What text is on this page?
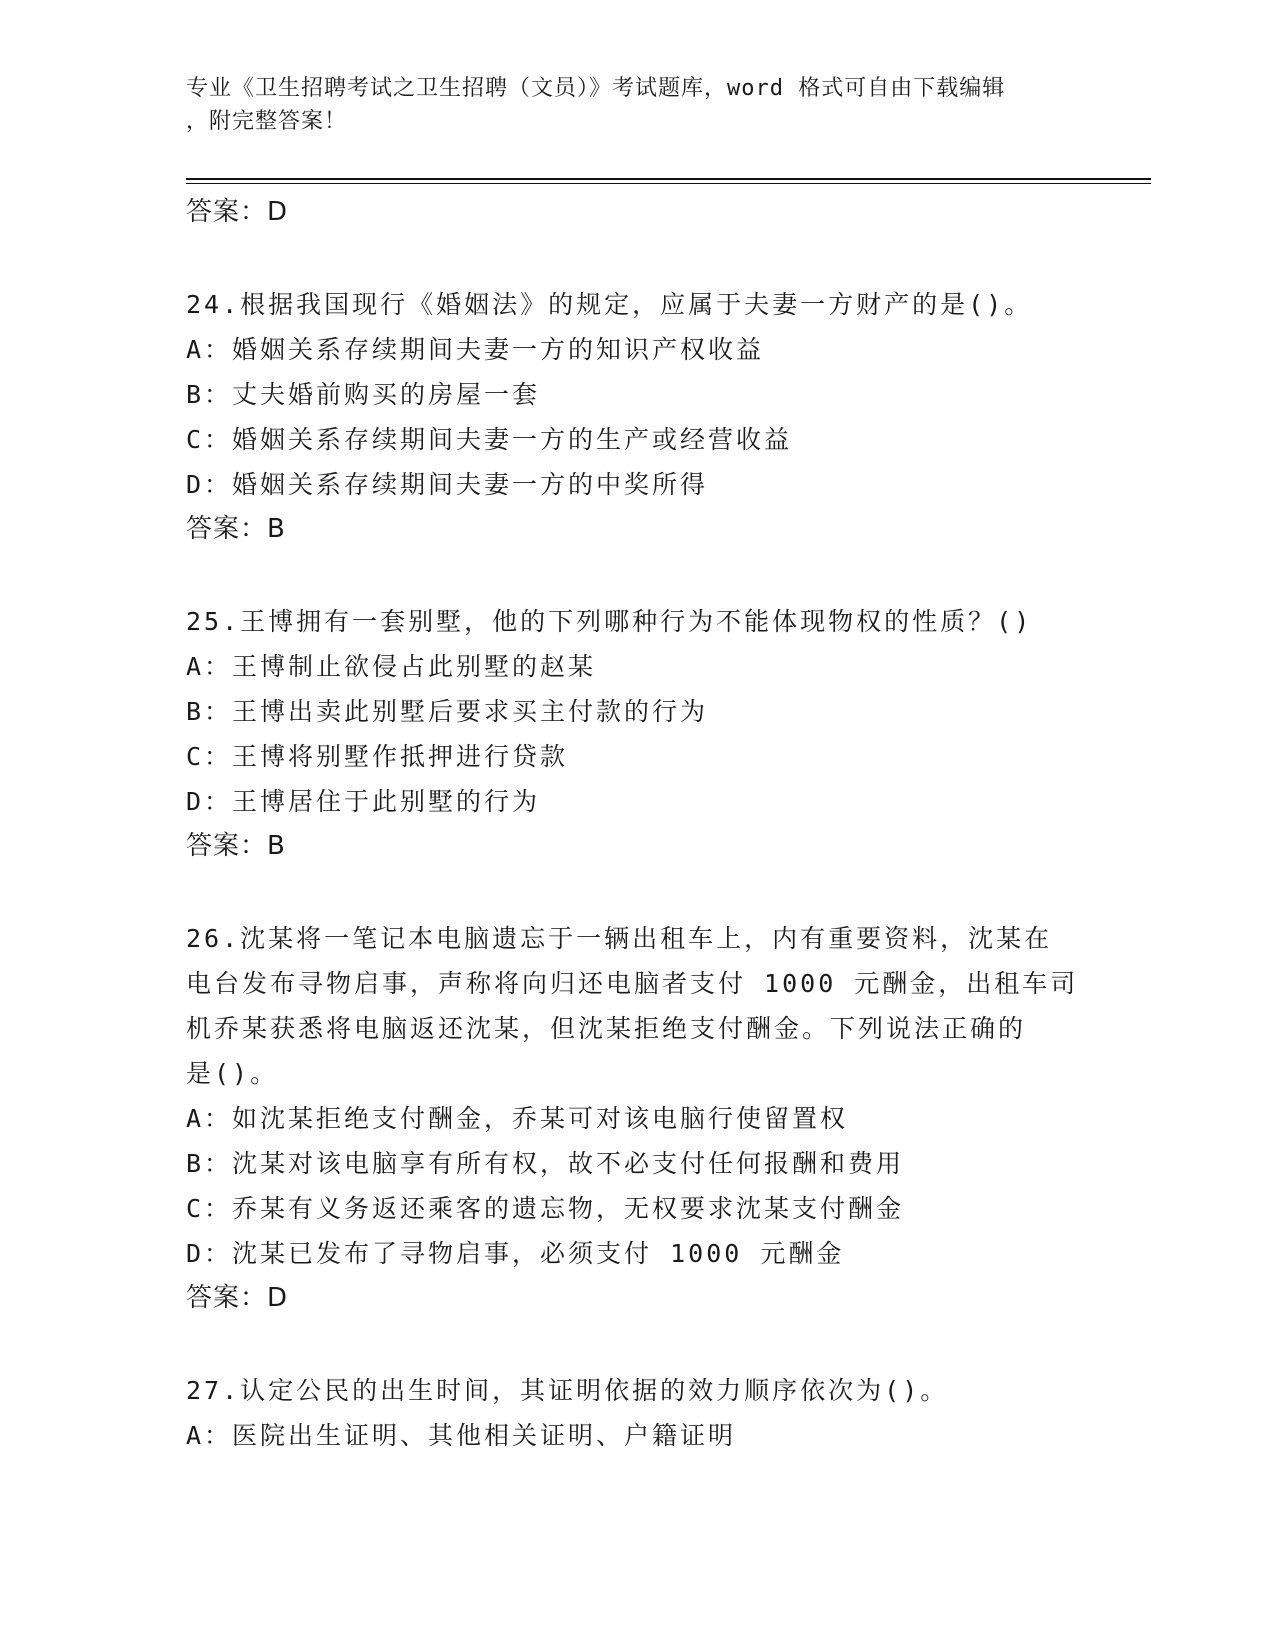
专业《卫生招聘考试之卫生招聘（文员）》考试题库，word 格式可自由下载编辑
，附完整答案！
答案：D
24.根据我国现行《婚姻法》的规定，应属于夫妻一方财产的是()。
A：婚姻关系存续期间夫妻一方的知识产权收益
B：丈夫婚前购买的房屋一套
C：婚姻关系存续期间夫妻一方的生产或经营收益
D：婚姻关系存续期间夫妻一方的中奖所得
答案：B
25.王博拥有一套别墅，他的下列哪种行为不能体现物权的性质？()
A：王博制止欲侵占此别墅的赵某
B：王博出卖此别墅后要求买主付款的行为
C：王博将别墅作抵押进行贷款
D：王博居住于此别墅的行为
答案：B
26.沈某将一笔记本电脑遗忘于一辆出租车上，内有重要资料，沈某在
电台发布寻物启事，声称将向归还电脑者支付 1000 元酬金，出租车司
机乔某获悉将电脑返还沈某，但沈某拒绝支付酬金。下列说法正确的
是()。
A：如沈某拒绝支付酬金，乔某可对该电脑行使留置权
B：沈某对该电脑享有所有权，故不必支付任何报酬和费用
C：乔某有义务返还乘客的遗忘物，无权要求沈某支付酬金
D：沈某已发布了寻物启事，必须支付 1000 元酬金
答案：D
27.认定公民的出生时间，其证明依据的效力顺序依次为()。
A：医院出生证明、其他相关证明、户籍证明
